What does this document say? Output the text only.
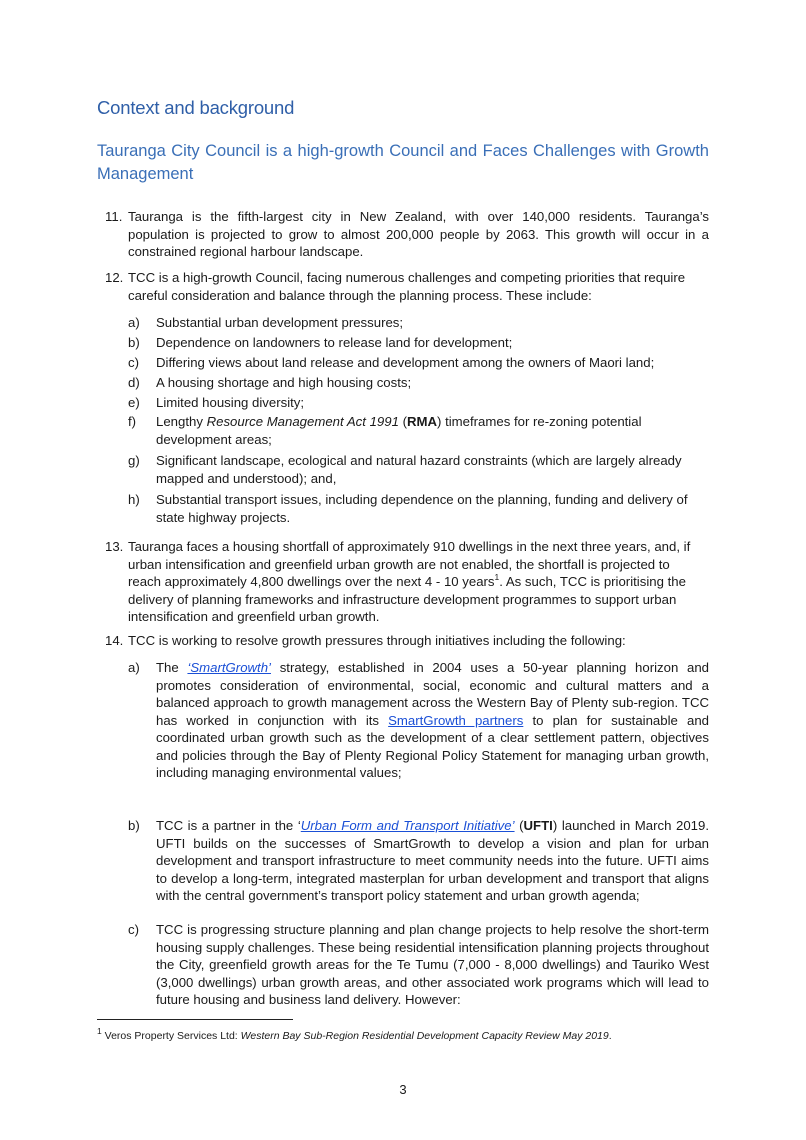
Context and background
Tauranga City Council is a high-growth Council and Faces Challenges with Growth Management
11. Tauranga is the fifth-largest city in New Zealand, with over 140,000 residents. Tauranga’s population is projected to grow to almost 200,000 people by 2063. This growth will occur in a constrained regional harbour landscape.
12. TCC is a high-growth Council, facing numerous challenges and competing priorities that require careful consideration and balance through the planning process. These include:
a) Substantial urban development pressures;
b) Dependence on landowners to release land for development;
c) Differing views about land release and development among the owners of Maori land;
d) A housing shortage and high housing costs;
e) Limited housing diversity;
f) Lengthy Resource Management Act 1991 (RMA) timeframes for re-zoning potential development areas;
g) Significant landscape, ecological and natural hazard constraints (which are largely already mapped and understood); and,
h) Substantial transport issues, including dependence on the planning, funding and delivery of state highway projects.
13. Tauranga faces a housing shortfall of approximately 910 dwellings in the next three years, and, if urban intensification and greenfield urban growth are not enabled, the shortfall is projected to reach approximately 4,800 dwellings over the next 4 - 10 years$^1$. As such, TCC is prioritising the delivery of planning frameworks and infrastructure development programmes to support urban intensification and greenfield urban growth.
14. TCC is working to resolve growth pressures through initiatives including the following:
a) The ‘SmartGrowth’ strategy, established in 2004 uses a 50-year planning horizon and promotes consideration of environmental, social, economic and cultural matters and a balanced approach to growth management across the Western Bay of Plenty sub-region. TCC has worked in conjunction with its SmartGrowth partners to plan for sustainable and coordinated urban growth such as the development of a clear settlement pattern, objectives and policies through the Bay of Plenty Regional Policy Statement for managing urban growth, including managing environmental values;
b) TCC is a partner in the ‘Urban Form and Transport Initiative’ (UFTI) launched in March 2019. UFTI builds on the successes of SmartGrowth to develop a vision and plan for urban development and transport infrastructure to meet community needs into the future. UFTI aims to develop a long-term, integrated masterplan for urban development and transport that aligns with the central government’s transport policy statement and urban growth agenda;
c) TCC is progressing structure planning and plan change projects to help resolve the short-term housing supply challenges. These being residential intensification planning projects throughout the City, greenfield growth areas for the Te Tumu (7,000 - 8,000 dwellings) and Tauriko West (3,000 dwellings) urban growth areas, and other associated work programs which will lead to future housing and business land delivery. However:
$^1$ Veros Property Services Ltd: Western Bay Sub-Region Residential Development Capacity Review May 2019.
3
